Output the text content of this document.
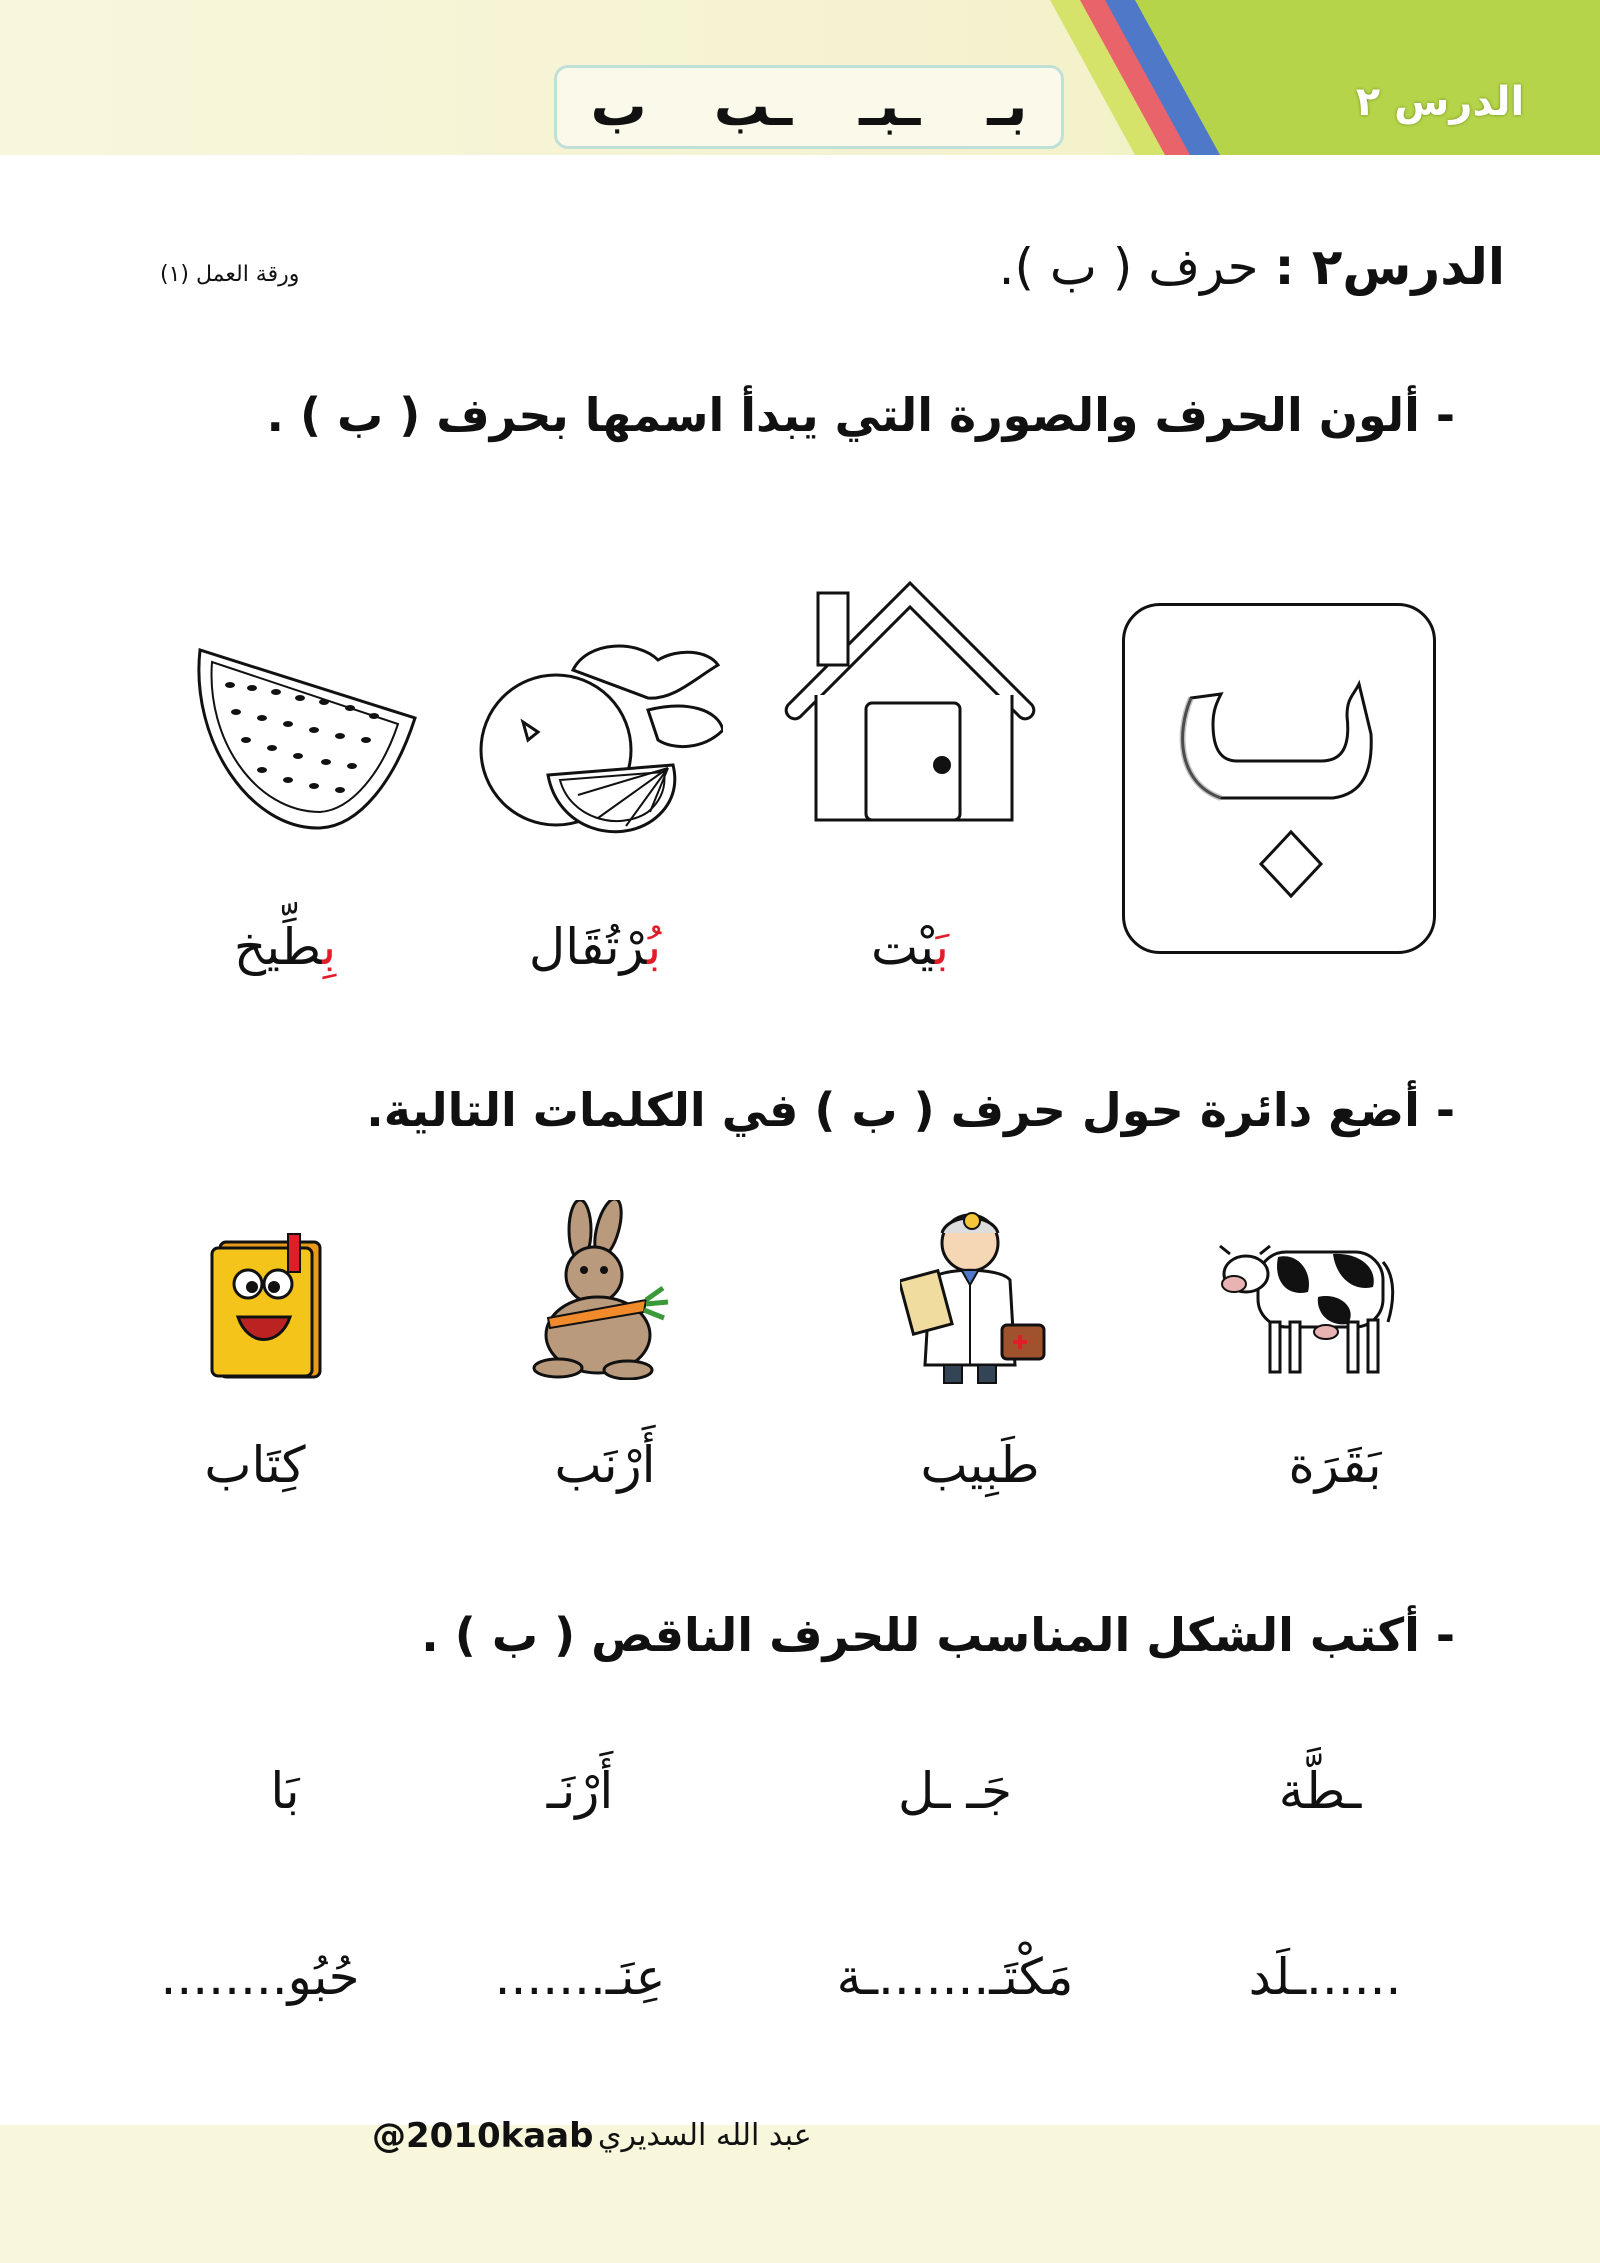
الدرس ٢
ب ـب ـبـ بـ
الدرس٢ : حرف ( ب ).
ورقة العمل (١)
- ألون الحرف والصورة التي يبدأ اسمها بحرف ( ب ) .
بَيْت
بُرْتُقَال
بِطِّيخ
- أضع دائرة حول حرف ( ب ) في الكلمات التالية.
بَقَرَة
طَبِيب
أَرْنَب
كِتَاب
- أكتب الشكل المناسب للحرف الناقص ( ب ) .
ـطَّة
جَـ ـل
أَرْنَـ
بَا
......ـلَد
مَكْتَـ.......ـة
عِنَـ.......
حُبُو........
عبد الله السديري
@2010kaab
